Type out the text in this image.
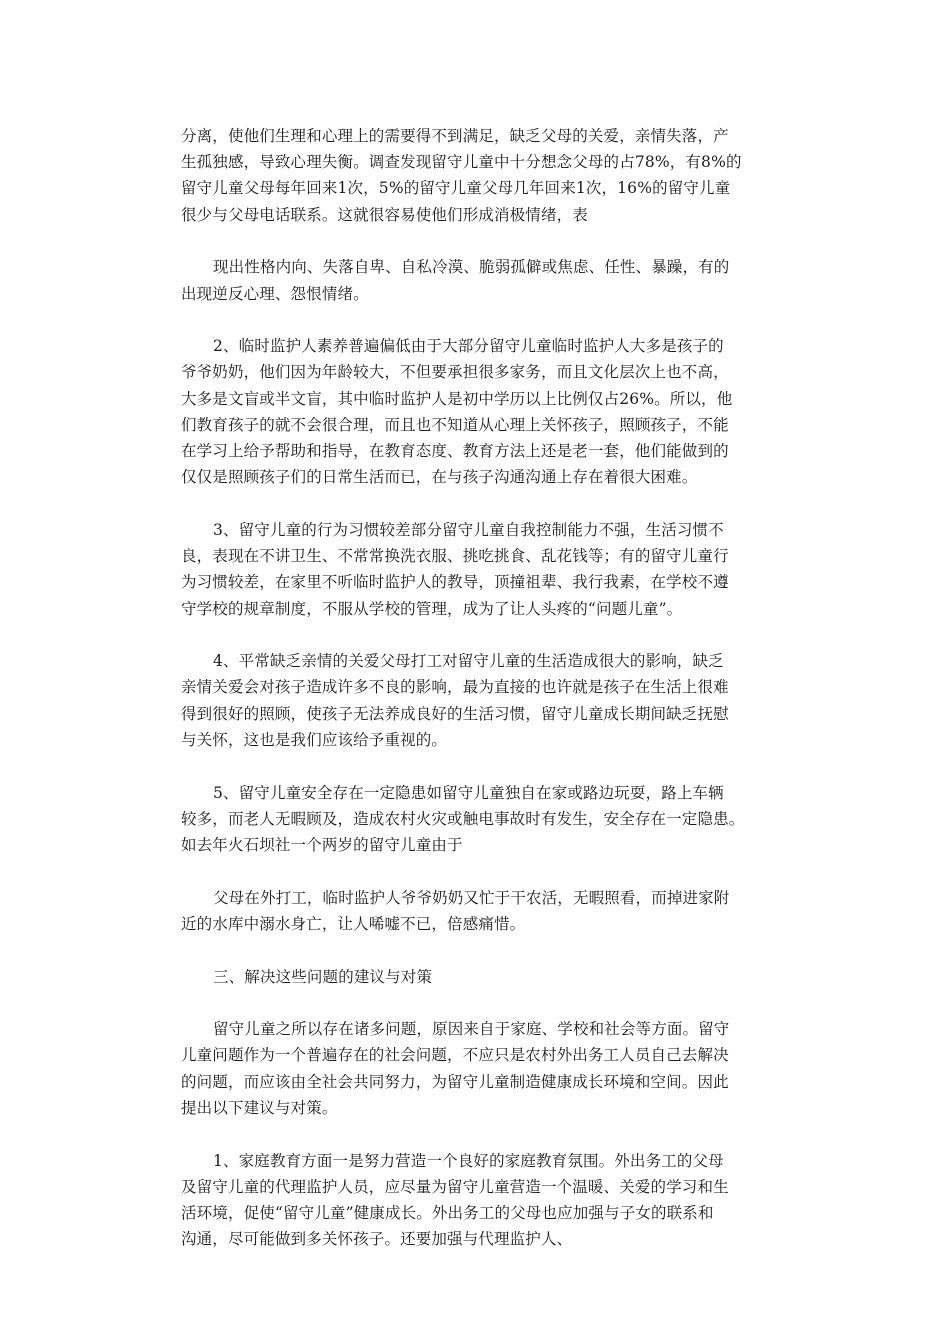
分离，使他们生理和心理上的需要得不到满足，缺乏父母的关爱，亲情失落，产
生孤独感，导致心理失衡。调查发现留守儿童中十分想念父母的占78%，有8%的
留守儿童父母每年回来1次，5%的留守儿童父母几年回来1次，16%的留守儿童
很少与父母电话联系。这就很容易使他们形成消极情绪，表

现出性格内向、失落自卑、自私冷漠、脆弱孤僻或焦虑、任性、暴躁，有的
出现逆反心理、怨恨情绪。

2、临时监护人素养普遍偏低由于大部分留守儿童临时监护人大多是孩子的
爷爷奶奶，他们因为年龄较大，不但要承担很多家务，而且文化层次上也不高，
大多是文盲或半文盲，其中临时监护人是初中学历以上比例仅占26%。所以，他
们教育孩子的就不会很合理，而且也不知道从心理上关怀孩子，照顾孩子，不能
在学习上给予帮助和指导，在教育态度、教育方法上还是老一套，他们能做到的
仅仅是照顾孩子们的日常生活而已，在与孩子沟通沟通上存在着很大困难。

3、留守儿童的行为习惯较差部分留守儿童自我控制能力不强，生活习惯不
良，表现在不讲卫生、不常常换洗衣服、挑吃挑食、乱花钱等；有的留守儿童行
为习惯较差，在家里不听临时监护人的教导，顶撞祖辈、我行我素，在学校不遵
守学校的规章制度，不服从学校的管理，成为了让人头疼的“问题儿童”。

4、平常缺乏亲情的关爱父母打工对留守儿童的生活造成很大的影响，缺乏
亲情关爱会对孩子造成许多不良的影响，最为直接的也许就是孩子在生活上很难
得到很好的照顾，使孩子无法养成良好的生活习惯，留守儿童成长期间缺乏抚慰
与关怀，这也是我们应该给予重视的。

5、留守儿童安全存在一定隐患如留守儿童独自在家或路边玩耍，路上车辆
较多，而老人无暇顾及，造成农村火灾或触电事故时有发生，安全存在一定隐患。
如去年火石坝社一个两岁的留守儿童由于

父母在外打工，临时监护人爷爷奶奶又忙于干农活，无暇照看，而掉进家附
近的水库中溺水身亡，让人唏嘘不已，倍感痛惜。

三、解决这些问题的建议与对策

留守儿童之所以存在诸多问题，原因来自于家庭、学校和社会等方面。留守
儿童问题作为一个普遍存在的社会问题，不应只是农村外出务工人员自己去解决
的问题，而应该由全社会共同努力，为留守儿童制造健康成长环境和空间。因此
提出以下建议与对策。

1、家庭教育方面一是努力营造一个良好的家庭教育氛围。外出务工的父母
及留守儿童的代理监护人员，应尽量为留守儿童营造一个温暖、关爱的学习和生
活环境，促使“留守儿童”健康成长。外出务工的父母也应加强与子女的联系和
沟通，尽可能做到多关怀孩子。还要加强与代理监护人、
